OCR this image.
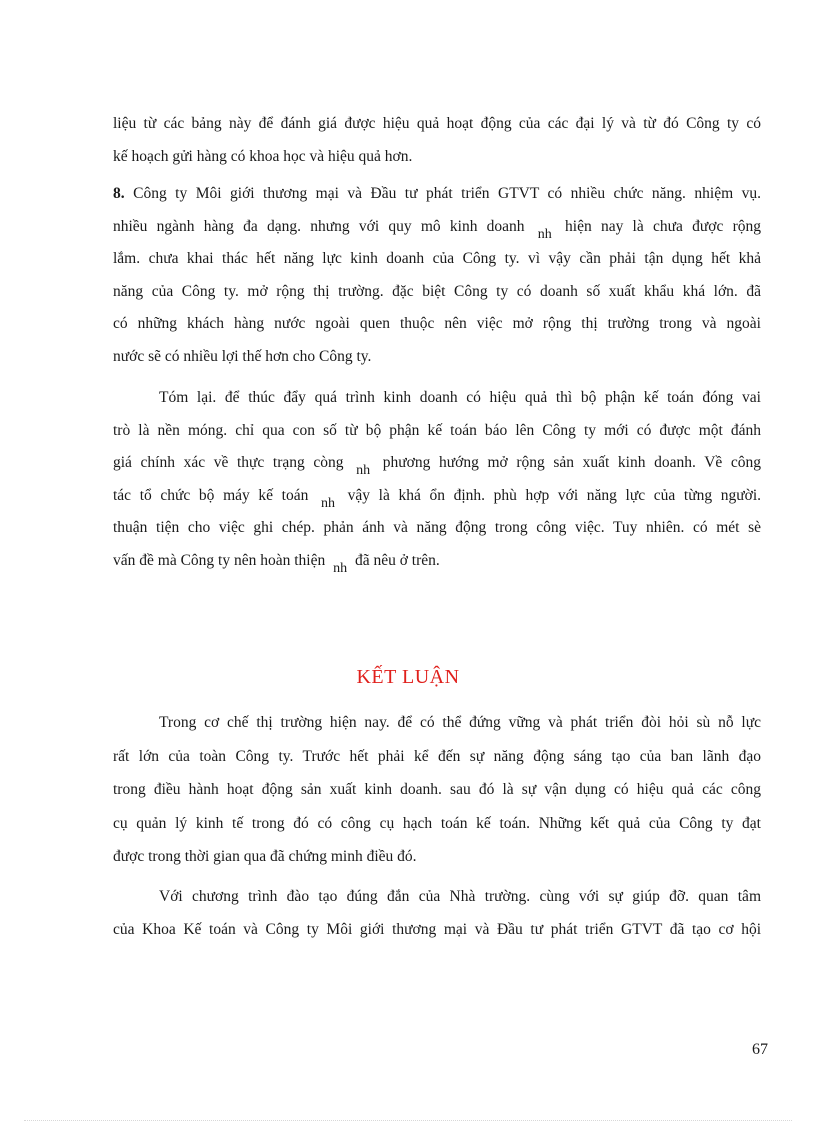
liệu từ các bảng này để đánh giá được hiệu quả hoạt động của các đại lý và từ đó Công ty có
kế hoạch gửi hàng có khoa học và hiệu quả hơn.
8. Công ty Môi giới thương mại và Đầu tư phát triển GTVT có nhiều chức năng. nhiệm vụ.
nhiều ngành hàng đa dạng. nhưng với quy mô kinh doanh nh hiện nay là chưa được rộng
lắm. chưa khai thác hết năng lực kinh doanh của Công ty. vì vậy cần phải tận dụng hết khả
năng của Công ty. mở rộng thị trường. đặc biệt Công ty có doanh số xuất khẩu khá lớn. đã
có những khách hàng nước ngoài quen thuộc nên việc mở rộng thị trường trong và ngoài
nước sẽ có nhiều lợi thế hơn cho Công ty.
Tóm lại. để thúc đẩy quá trình kinh doanh có hiệu quả thì bộ phận kế toán đóng vai
trò là nền móng. chỉ qua con số từ bộ phận kế toán báo lên Công ty mới có được một đánh
giá chính xác về thực trạng còng nh phương hướng mở rộng sản xuất kinh doanh. Về công
tác tổ chức bộ máy kế toán nh vậy là khá ổn định. phù hợp với năng lực của từng người.
thuận tiện cho việc ghi chép. phản ánh và năng động trong công việc. Tuy nhiên. có mét sè
vấn đề mà Công ty nên hoàn thiện nh đã nêu ở trên.
KẾT LUẬN
Trong cơ chế thị trường hiện nay. để có thể đứng vững và phát triển đòi hỏi sù nỗ lực
rất lớn của toàn Công ty. Trước hết phải kể đến sự năng động sáng tạo của ban lãnh đạo
trong điều hành hoạt động sản xuất kinh doanh. sau đó là sự vận dụng có hiệu quả các công
cụ quản lý kinh tế trong đó có công cụ hạch toán kế toán. Những kết quả của Công ty đạt
được trong thời gian qua đã chứng minh điều đó.
Với chương trình đào tạo đúng đắn của Nhà trường. cùng với sự giúp đỡ. quan tâm
của Khoa Kế toán và Công ty Môi giới thương mại và Đầu tư phát triển GTVT đã tạo cơ hội
67
